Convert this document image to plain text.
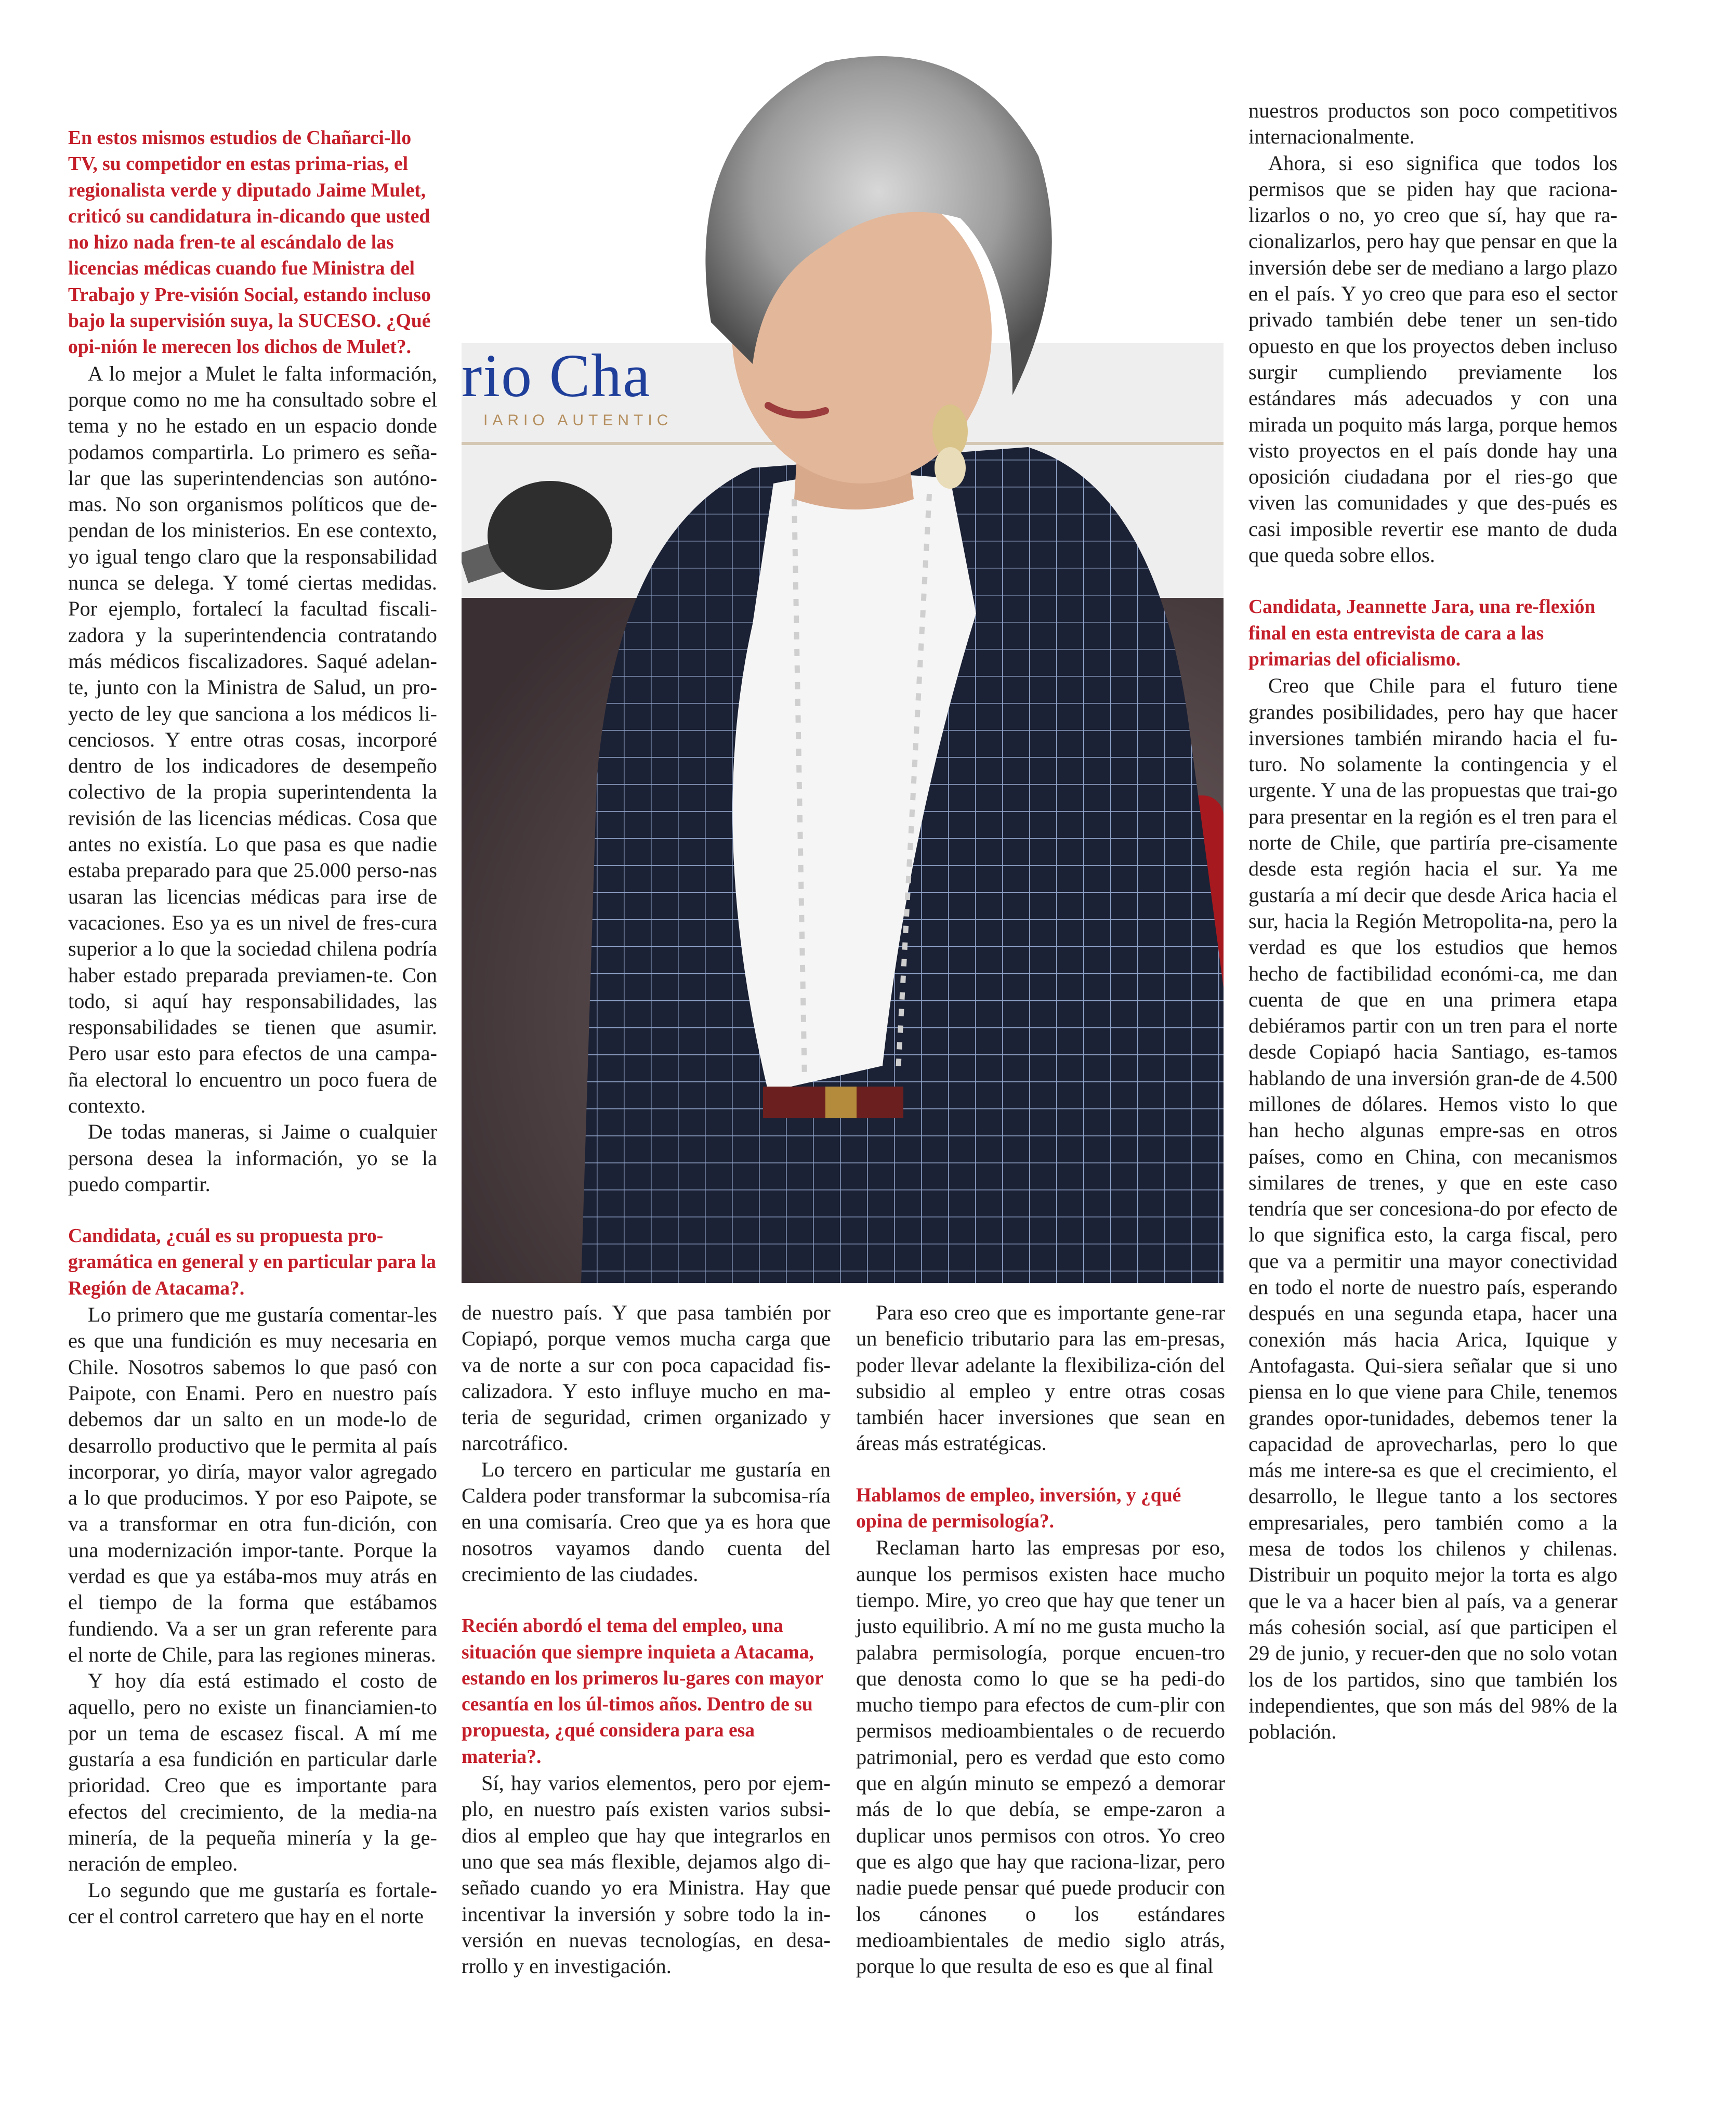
rio Cha
IARIO AUTENTIC

En estos mismos estudios de Chañarci-llo TV, su competidor en estas prima-rias, el regionalista verde y diputado Jaime Mulet, criticó su candidatura in-dicando que usted no hizo nada fren-te al escándalo de las licencias médicas cuando fue Ministra del Trabajo y Pre-visión Social, estando incluso bajo la supervisión suya, la SUCESO. ¿Qué opi-nión le merecen los dichos de Mulet?.

A lo mejor a Mulet le falta información, porque como no me ha consultado sobre el tema y no he estado en un espacio donde podamos compartirla. Lo primero es seña-lar que las superintendencias son autóno-mas. No son organismos políticos que de-pendan de los ministerios. En ese contexto, yo igual tengo claro que la responsabilidad nunca se delega. Y tomé ciertas medidas. Por ejemplo, fortalecí la facultad fiscali-zadora y la superintendencia contratando más médicos fiscalizadores. Saqué adelan-te, junto con la Ministra de Salud, un pro-yecto de ley que sanciona a los médicos li-cenciosos. Y entre otras cosas, incorporé dentro de los indicadores de desempeño colectivo de la propia superintendenta la revisión de las licencias médicas. Cosa que antes no existía. Lo que pasa es que nadie estaba preparado para que 25.000 perso-nas usaran las licencias médicas para irse de vacaciones. Eso ya es un nivel de fres-cura superior a lo que la sociedad chilena podría haber estado preparada previamen-te. Con todo, si aquí hay responsabilidades, las responsabilidades se tienen que asumir. Pero usar esto para efectos de una campa-ña electoral lo encuentro un poco fuera de contexto.

De todas maneras, si Jaime o cualquier persona desea la información, yo se la puedo compartir.

Candidata, ¿cuál es su propuesta pro-gramática en general y en particular para la Región de Atacama?.

Lo primero que me gustaría comentar-les es que una fundición es muy necesaria en Chile. Nosotros sabemos lo que pasó con Paipote, con Enami. Pero en nuestro país debemos dar un salto en un mode-lo de desarrollo productivo que le permita al país incorporar, yo diría, mayor valor agregado a lo que producimos. Y por eso Paipote, se va a transformar en otra fun-dición, con una modernización impor-tante. Porque la verdad es que ya estába-mos muy atrás en el tiempo de la forma que estábamos fundiendo. Va a ser un gran referente para el norte de Chile, para las regiones mineras.

Y hoy día está estimado el costo de aquello, pero no existe un financiamien-to por un tema de escasez fiscal. A mí me gustaría a esa fundición en particular darle prioridad. Creo que es importante para efectos del crecimiento, de la media-na minería, de la pequeña minería y la ge-neración de empleo.

Lo segundo que me gustaría es fortale-cer el control carretero que hay en el norte

de nuestro país. Y que pasa también por Copiapó, porque vemos mucha carga que va de norte a sur con poca capacidad fis-calizadora. Y esto influye mucho en ma-teria de seguridad, crimen organizado y narcotráfico.

Lo tercero en particular me gustaría en Caldera poder transformar la subcomisa-ría en una comisaría. Creo que ya es hora que nosotros vayamos dando cuenta del crecimiento de las ciudades.

Recién abordó el tema del empleo, una situación que siempre inquieta a Atacama, estando en los primeros lu-gares con mayor cesantía en los úl-timos años. Dentro de su propuesta, ¿qué considera para esa materia?.

Sí, hay varios elementos, pero por ejem-plo, en nuestro país existen varios subsi-dios al empleo que hay que integrarlos en uno que sea más flexible, dejamos algo di-señado cuando yo era Ministra. Hay que incentivar la inversión y sobre todo la in-versión en nuevas tecnologías, en desa-rrollo y en investigación.

Para eso creo que es importante gene-rar un beneficio tributario para las em-presas, poder llevar adelante la flexibiliza-ción del subsidio al empleo y entre otras cosas también hacer inversiones que sean en áreas más estratégicas.

Hablamos de empleo, inversión, y ¿qué opina de permisología?.

Reclaman harto las empresas por eso, aunque los permisos existen hace mucho tiempo. Mire, yo creo que hay que tener un justo equilibrio. A mí no me gusta mucho la palabra permisología, porque encuen-tro que denosta como lo que se ha pedi-do mucho tiempo para efectos de cum-plir con permisos medioambientales o de recuerdo patrimonial, pero es verdad que esto como que en algún minuto se empezó a demorar más de lo que debía, se empe-zaron a duplicar unos permisos con otros. Yo creo que es algo que hay que raciona-lizar, pero nadie puede pensar qué puede producir con los cánones o los estándares medioambientales de medio siglo atrás, porque lo que resulta de eso es que al final

nuestros productos son poco competitivos internacionalmente.

Ahora, si eso significa que todos los permisos que se piden hay que raciona-lizarlos o no, yo creo que sí, hay que ra-cionalizarlos, pero hay que pensar en que la inversión debe ser de mediano a largo plazo en el país. Y yo creo que para eso el sector privado también debe tener un sen-tido opuesto en que los proyectos deben incluso surgir cumpliendo previamente los estándares más adecuados y con una mirada un poquito más larga, porque hemos visto proyectos en el país donde hay una oposición ciudadana por el ries-go que viven las comunidades y que des-pués es casi imposible revertir ese manto de duda que queda sobre ellos.

Candidata, Jeannette Jara, una re-flexión final en esta entrevista de cara a las primarias del oficialismo.

Creo que Chile para el futuro tiene grandes posibilidades, pero hay que hacer inversiones también mirando hacia el fu-turo. No solamente la contingencia y el urgente. Y una de las propuestas que trai-go para presentar en la región es el tren para el norte de Chile, que partiría pre-cisamente desde esta región hacia el sur. Ya me gustaría a mí decir que desde Arica hacia el sur, hacia la Región Metropolita-na, pero la verdad es que los estudios que hemos hecho de factibilidad económi-ca, me dan cuenta de que en una primera etapa debiéramos partir con un tren para el norte desde Copiapó hacia Santiago, es-tamos hablando de una inversión gran-de de 4.500 millones de dólares. Hemos visto lo que han hecho algunas empre-sas en otros países, como en China, con mecanismos similares de trenes, y que en este caso tendría que ser concesiona-do por efecto de lo que significa esto, la carga fiscal, pero que va a permitir una mayor conectividad en todo el norte de nuestro país, esperando después en una segunda etapa, hacer una conexión más hacia Arica, Iquique y Antofagasta. Qui-siera señalar que si uno piensa en lo que viene para Chile, tenemos grandes opor-tunidades, debemos tener la capacidad de aprovecharlas, pero lo que más me intere-sa es que el crecimiento, el desarrollo, le llegue tanto a los sectores empresariales, pero también como a la mesa de todos los chilenos y chilenas. Distribuir un poquito mejor la torta es algo que le va a hacer bien al país, va a generar más cohesión social, así que participen el 29 de junio, y recuer-den que no solo votan los de los partidos, sino que también los independientes, que son más del 98% de la población.
